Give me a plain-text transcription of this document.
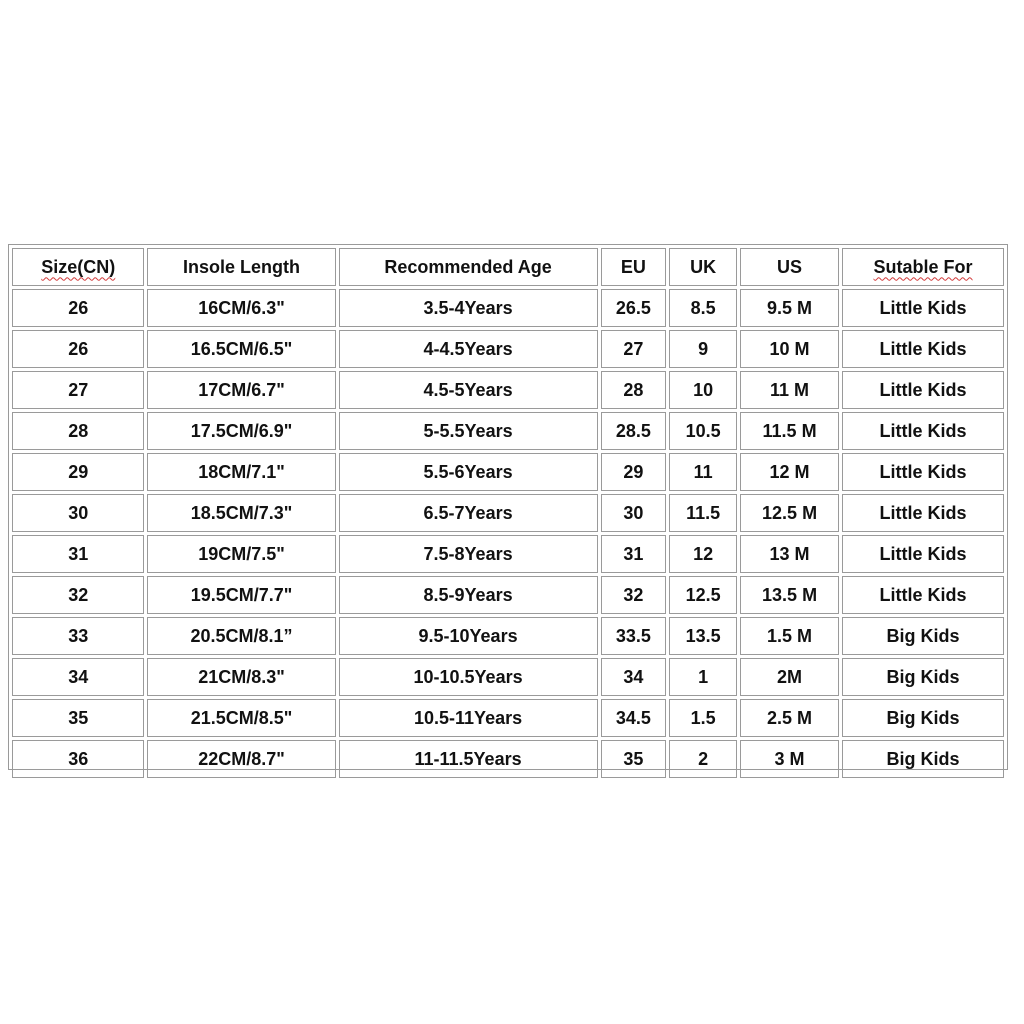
Size(CN)	Insole Length	Recommended Age	EU	UK	US	Sutable For
26	16CM/6.3"	3.5-4Years	26.5	8.5	9.5 M	Little Kids
26	16.5CM/6.5"	4-4.5Years	27	9	10 M	Little Kids
27	17CM/6.7"	4.5-5Years	28	10	11 M	Little Kids
28	17.5CM/6.9"	5-5.5Years	28.5	10.5	11.5 M	Little Kids
29	18CM/7.1"	5.5-6Years	29	11	12 M	Little Kids
30	18.5CM/7.3"	6.5-7Years	30	11.5	12.5 M	Little Kids
31	19CM/7.5"	7.5-8Years	31	12	13 M	Little Kids
32	19.5CM/7.7"	8.5-9Years	32	12.5	13.5 M	Little Kids
33	20.5CM/8.1”	9.5-10Years	33.5	13.5	1.5 M	Big Kids
34	21CM/8.3"	10-10.5Years	34	1	2M	Big Kids
35	21.5CM/8.5"	10.5-11Years	34.5	1.5	2.5 M	Big Kids
36	22CM/8.7"	11-11.5Years	35	2	3 M	Big Kids
